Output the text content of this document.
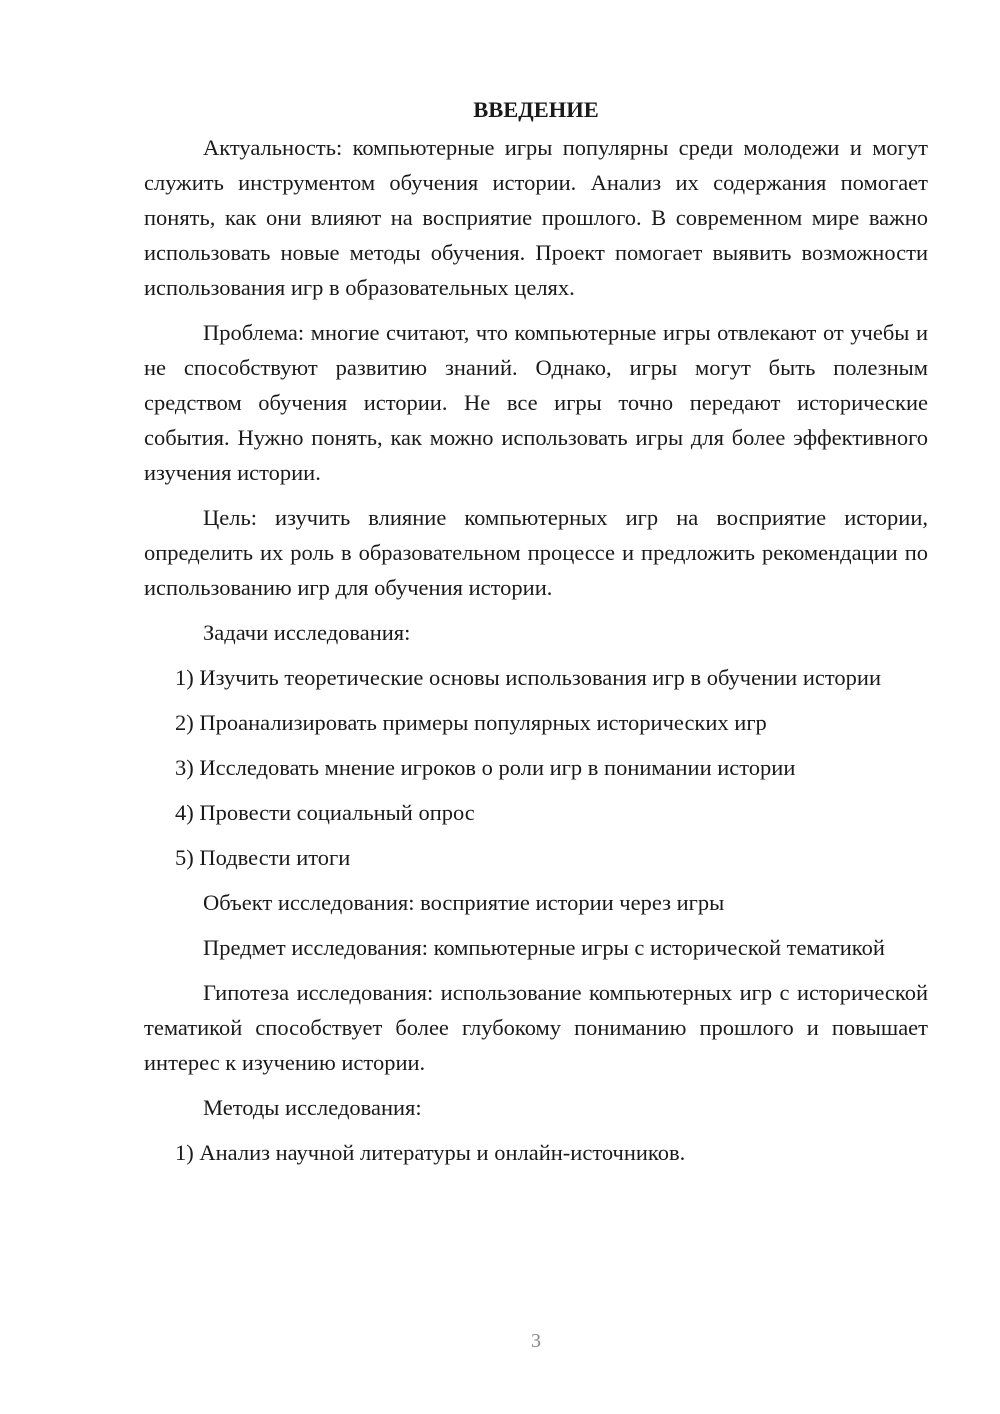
ВВЕДЕНИЕ

Актуальность: компьютерные игры популярны среди молодежи и могут служить инструментом обучения истории. Анализ их содержания помогает понять, как они влияют на восприятие прошлого. В современном мире важно использовать новые методы обучения. Проект помогает выявить возможности использования игр в образовательных целях.

Проблема: многие считают, что компьютерные игры отвлекают от учебы и не способствуют развитию знаний. Однако, игры могут быть полезным средством обучения истории. Не все игры точно передают исторические события. Нужно понять, как можно использовать игры для более эффективного изучения истории.

Цель: изучить влияние компьютерных игр на восприятие истории, определить их роль в образовательном процессе и предложить рекомендации по использованию игр для обучения истории.

Задачи исследования:

1) Изучить теоретические основы использования игр в обучении истории

2) Проанализировать примеры популярных исторических игр

3) Исследовать мнение игроков о роли игр в понимании истории

4) Провести социальный опрос

5) Подвести итоги

Объект исследования: восприятие истории через игры

Предмет исследования: компьютерные игры с исторической тематикой

Гипотеза исследования: использование компьютерных игр с исторической тематикой способствует более глубокому пониманию прошлого и повышает интерес к изучению истории.

Методы исследования:

1) Анализ научной литературы и онлайн-источников.

3
